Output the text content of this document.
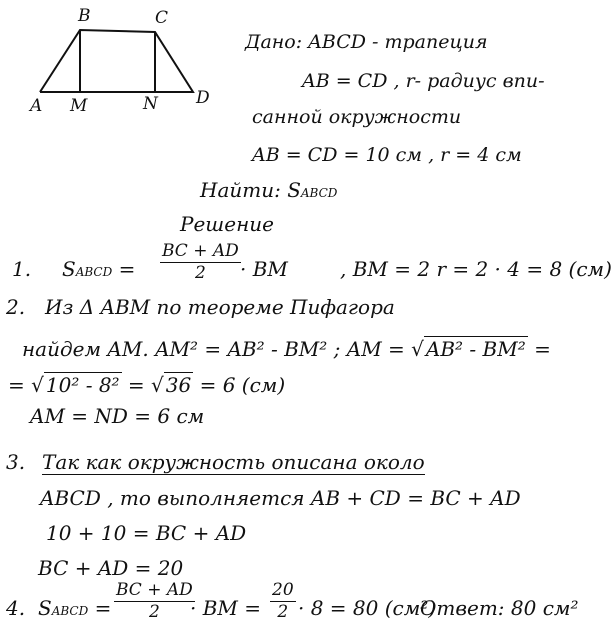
B	C
A M	N D
Дано: ABCD - трапеция
AB = CD , r- радиус впи-
санной окружности
AB = CD = 10 см , r = 4 см
Найти: SABCD
Решение
1. SABCD = $\frac{BC + AD}{2}$ · BM	, BM = 2 r = 2 · 4 = 8 (см)
2. Из Δ ABM по теореме Пифагора
найдем AM. AM² = AB² - BM² ; AM = √ AB² - BM² =
= √ 10² - 8² = √ 36 = 6 (см)
AM = ND = 6 см
3. Так как окружность описана около
ABCD , то выполняется AB + CD = BC + AD
10 + 10 = BC + AD
BC + AD = 20
4. SABCD = $\frac{BC + AD}{2}$
· BM = $\frac{20}{2} \cdot 8 = 80$ (см²)
Ответ: 80 см²
